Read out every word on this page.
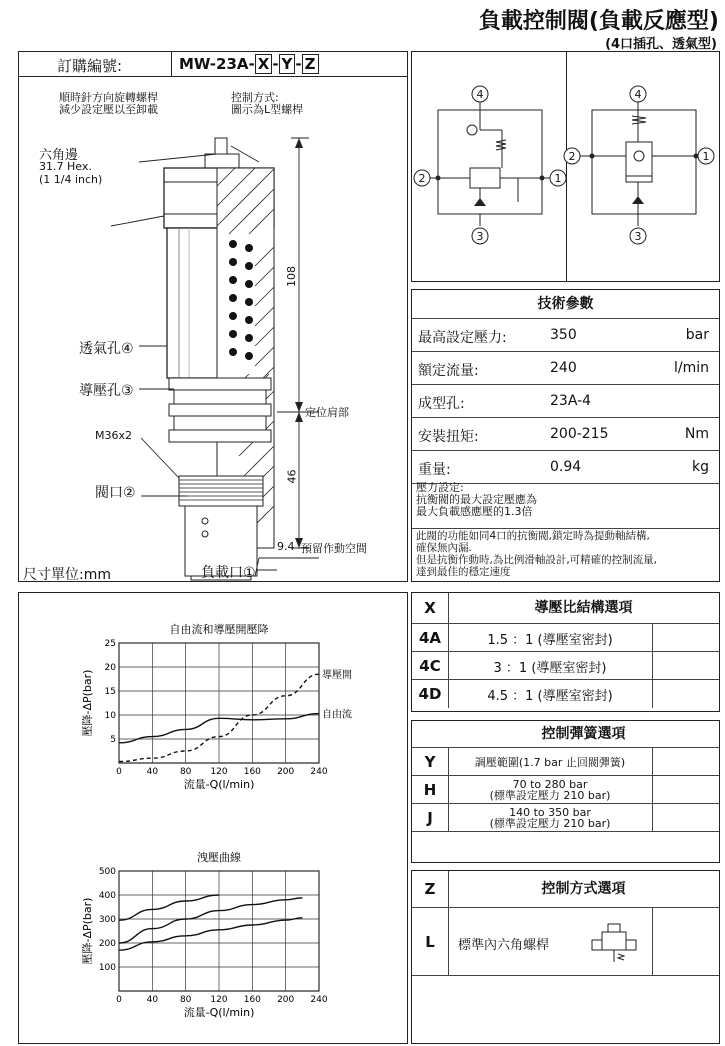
負載控制閥(負載反應型)
(4口插孔、透氣型)
訂購編號:	MW-23A- X - Y - Z
順時針方向旋轉螺桿
減少設定壓以至卸載
控制方式:
圖示為L型螺桿
六角邊
31.7 Hex.
(1 1/4 inch)
透氣孔④
導壓孔③
M36x2
閥口②
108
46
定位肩部
9.4 預留作動空間
負載口①
尺寸單位:mm
4
2	1
3
4
2	1
3
技術參數
最高設定壓力:	350	bar
額定流量:	240	l/min
成型孔:	23A-4
安裝扭矩:	200-215	Nm
重量:	0.94	kg
壓力設定:
抗衡閥的最大設定壓應為
最大負載感應壓的1.3倍
此閥的功能如同4口的抗衡閥,鎖定時為提動軸結構,
確保無內漏.
但是抗衡作動時,為比例滑軸設計,可精確的控制流量,
達到最佳的穩定速度
自由流和導壓開壓降
0	40 80 120 160 200 240
5
10
15
20
25
流量-Q(l/min)
壓降-ΔP(bar)	導壓開
自由流
洩壓曲線
0	40 80 120 160 200 240
100
200
300
400
500
流量-Q(l/min)
壓降-ΔP(bar)
X	導壓比結構選項
4A	1.5 ：1 (導壓室密封)
4C	3 ：1 (導壓室密封)
4D	4.5 ：1 (導壓室密封)
控制彈簧選項
Y	調壓範圍(1.7 bar 止回閥彈簧)
H	70 to 280 bar
(標準設定壓力 210 bar)
J	140 to 350 bar
(標準設定壓力 210 bar)
Z	控制方式選項
L	標準內六角螺桿
